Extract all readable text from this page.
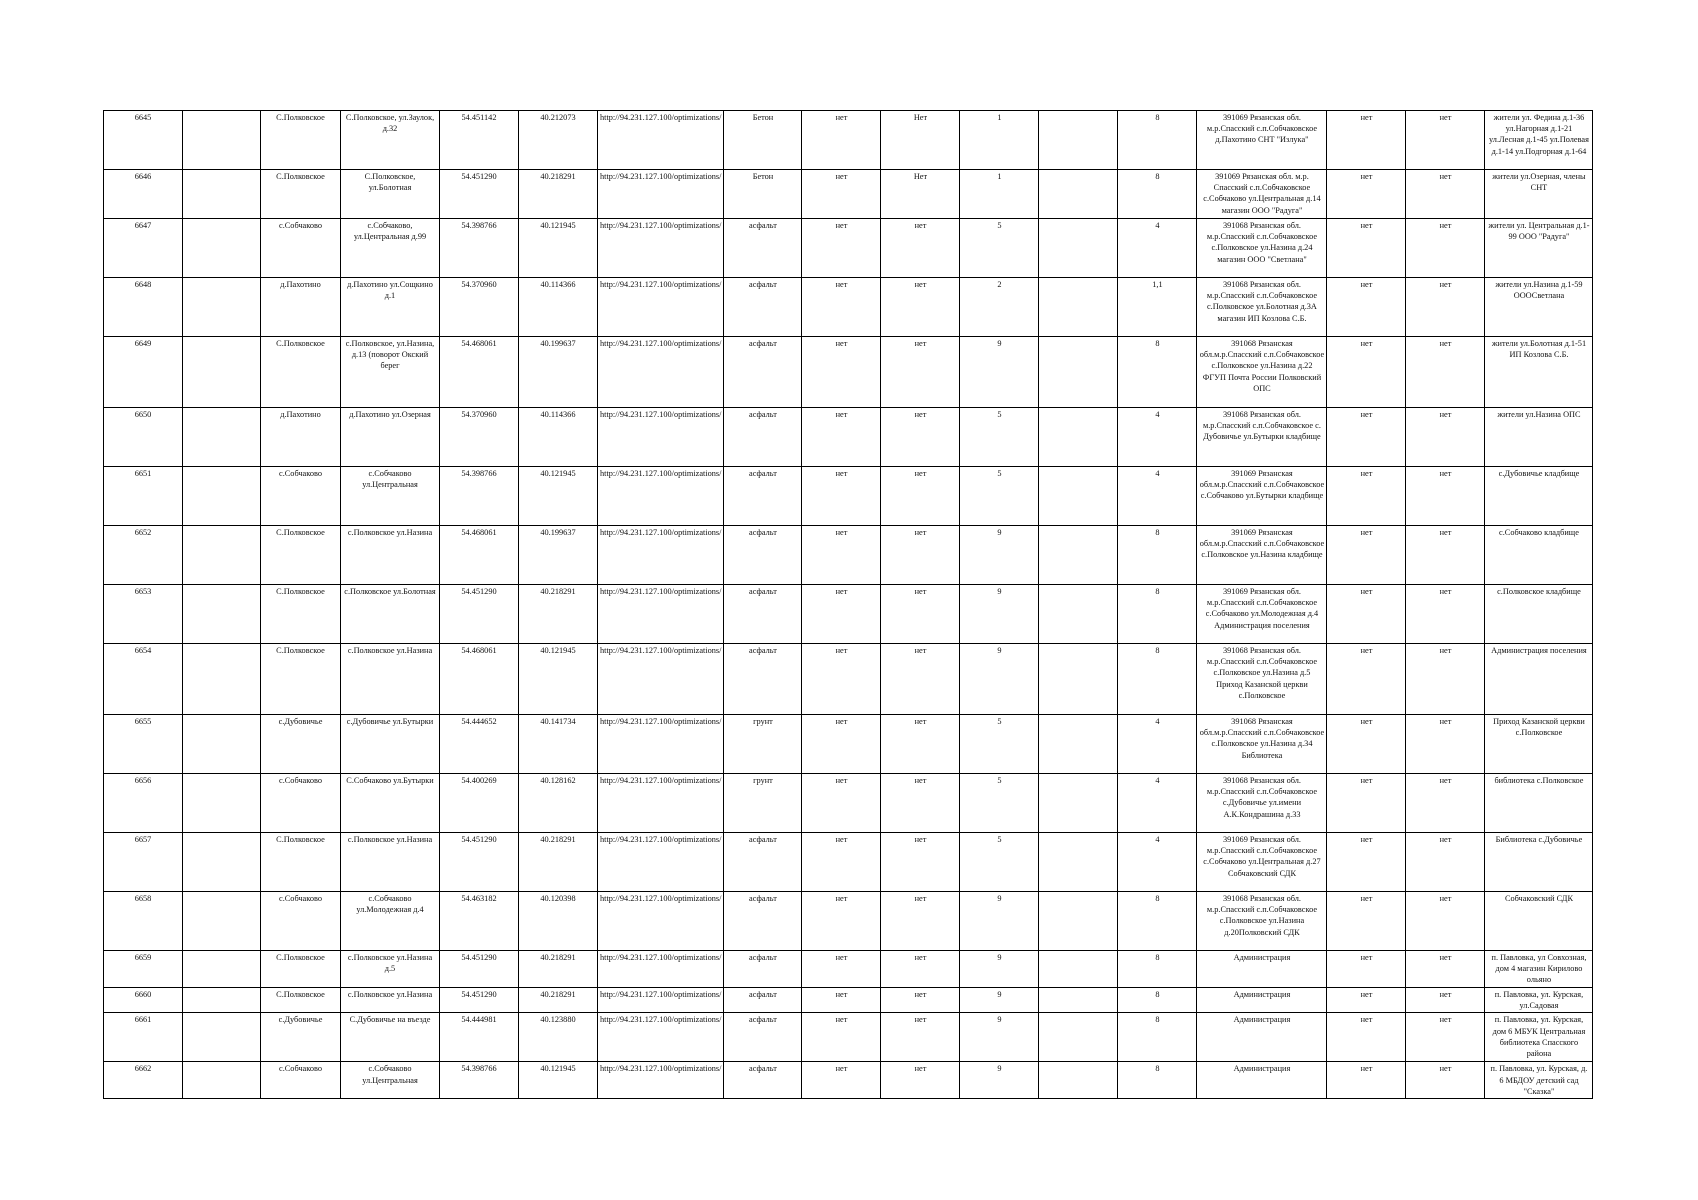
6645		С.Полковское	С.Полковское, ул.Заулок, д.32	54.451142	40.212073	http://94.231.127.100/optimizations/	Бетон	нет	Нет	1		8	391069 Рязанская обл. м.р.Спасский с.п.Собчаковское д.Пахотино СНТ "Излука"	нет	нет	жители ул. Федина д.1-36 ул.Нагорная д.1-21 ул.Лесная д.1-45 ул.Полевая д.1-14 ул.Подгорная д.1-64
6646		С.Полковское	С.Полковское, ул.Болотная	54.451290	40.218291	http://94.231.127.100/optimizations/	Бетон	нет	Нет	1		8	391069 Рязанская обл. м.р. Спасский с.п.Собчаковское с.Собчаково ул.Центральная д.14 магазин ООО "Радуга"	нет	нет	жители ул.Озерная, члены СНТ
6647		с.Собчаково	с.Собчаково, ул.Центральная д.99	54.398766	40.121945	http://94.231.127.100/optimizations/	асфальт	нет	нет	5		4	391068 Рязанская обл. м.р.Спасский с.п.Собчаковское с.Полковское ул.Назина д.24 магазин ООО "Светлана"	нет	нет	жители ул. Центральная д.1-99 ООО "Радуга"
6648		д.Пахотино	д.Пахотино ул.Сощкино д.1	54.370960	40.114366	http://94.231.127.100/optimizations/	асфальт	нет	нет	2		1,1	391068 Рязанская обл. м.р.Спасский с.п.Собчаковское с.Полковское ул.Болотная д.3А магазин ИП Козлова С.Б.	нет	нет	жители ул.Назина д.1-59 ОООСветлана
6649		С.Полковское	с.Полковское, ул.Назина, д.13 (поворот Окский берег	54.468061	40.199637	http://94.231.127.100/optimizations/	асфальт	нет	нет	9		8	391068 Рязанская обл.м.р.Спасский с.п.Собчаковское с.Полковское ул.Назина д.22 ФГУП Почта России Полковский ОПС	нет	нет	жители ул.Болотная д.1-51 ИП Козлова С.Б.
6650		д.Пахотино	д.Пахотино ул.Озерная	54.370960	40.114366	http://94.231.127.100/optimizations/	асфальт	нет	нет	5		4	391068 Рязанская обл. м.р.Спасский с.п.Собчаковское с. Дубовичье ул.Бутырки кладбище	нет	нет	жители ул.Назина ОПС
6651		с.Собчаково	с.Собчаково ул.Центральная	54.398766	40.121945	http://94.231.127.100/optimizations/	асфальт	нет	нет	5		4	391069 Рязанская обл.м.р.Спасский с.п.Собчаковское с.Собчаково ул.Бутырки кладбище	нет	нет	с.Дубовичье кладбище
6652		С.Полковское	с.Полковское ул.Назина	54.468061	40.199637	http://94.231.127.100/optimizations/	асфальт	нет	нет	9		8	391069 Рязанская обл.м.р.Спасский с.п.Собчаковское с.Полковское ул.Назина кладбище	нет	нет	с.Собчаково кладбище
6653		С.Полковское	с.Полковское ул.Болотная	54.451290	40.218291	http://94.231.127.100/optimizations/	асфальт	нет	нет	9		8	391069 Рязанская обл. м.р.Спасский с.п.Собчаковское с.Собчаково ул.Молодежная д.4 Администрация поселения	нет	нет	с.Полковское кладбище
6654		С.Полковское	с.Полковское ул.Назина	54.468061	40.121945	http://94.231.127.100/optimizations/	асфальт	нет	нет	9		8	391068 Рязанская обл. м.р.Спасский с.п.Собчаковское с.Полковское ул.Назина д.5 Приход Казанской церкви с.Полковское	нет	нет	Администрация поселения
6655		с.Дубовичье	с.Дубовичье ул.Бутырки	54.444652	40.141734	http://94.231.127.100/optimizations/	грунт	нет	нет	5		4	391068 Рязанская обл.м.р.Спасский с.п.Собчаковское с.Полковское ул.Назина д.34 Библиотека	нет	нет	Приход Казанской церкви с.Полковское
6656		с.Собчаково	С.Собчаково ул.Бутырки	54.400269	40.128162	http://94.231.127.100/optimizations/	грунт	нет	нет	5		4	391068 Рязанская обл. м.р.Спасский с.п.Собчаковское с.Дубовичье ул.имени А.К.Кондрашина д.33	нет	нет	библиотека с.Полковское
6657		С.Полковское	с.Полковское ул.Назина	54.451290	40.218291	http://94.231.127.100/optimizations/	асфальт	нет	нет	5		4	391069 Рязанская обл. м.р.Спасский с.п.Собчаковское с.Собчаково ул.Центральная д.27 Собчаковский СДК	нет	нет	Библиотека с.Дубовичье
6658		с.Собчаково	с.Собчаково ул.Молодежная д.4	54.463182	40.120398	http://94.231.127.100/optimizations/	асфальт	нет	нет	9		8	391068 Рязанская обл. м.р.Спасский с.п.Собчаковское с.Полковское ул.Назина д.20Полковский СДК	нет	нет	Собчаковский СДК
6659		С.Полковское	с.Полковское ул.Назина д.5	54.451290	40.218291	http://94.231.127.100/optimizations/	асфальт	нет	нет	9		8	Администрация	нет	нет	п. Павловка, ул Совхозная, дом 4 магазин Кирилово ольяно
6660		С.Полковское	с.Полковское ул.Назина	54.451290	40.218291	http://94.231.127.100/optimizations/	асфальт	нет	нет	9		8	Администрация	нет	нет	п. Павловка, ул. Курская, ул.Садовая
6661		с.Дубовичье	С.Дубовичье на въезде	54.444981	40.123880	http://94.231.127.100/optimizations/	асфальт	нет	нет	9		8	Администрация	нет	нет	п. Павловка, ул. Курская, дом 6 МБУК Центральная библиотека Спасского района
6662		с.Собчаково	с.Собчаково ул.Центральная	54.398766	40.121945	http://94.231.127.100/optimizations/	асфальт	нет	нет	9		8	Администрация	нет	нет	п. Павловка, ул. Курская, д. 6 МБДОУ детский сад "Сказка"
